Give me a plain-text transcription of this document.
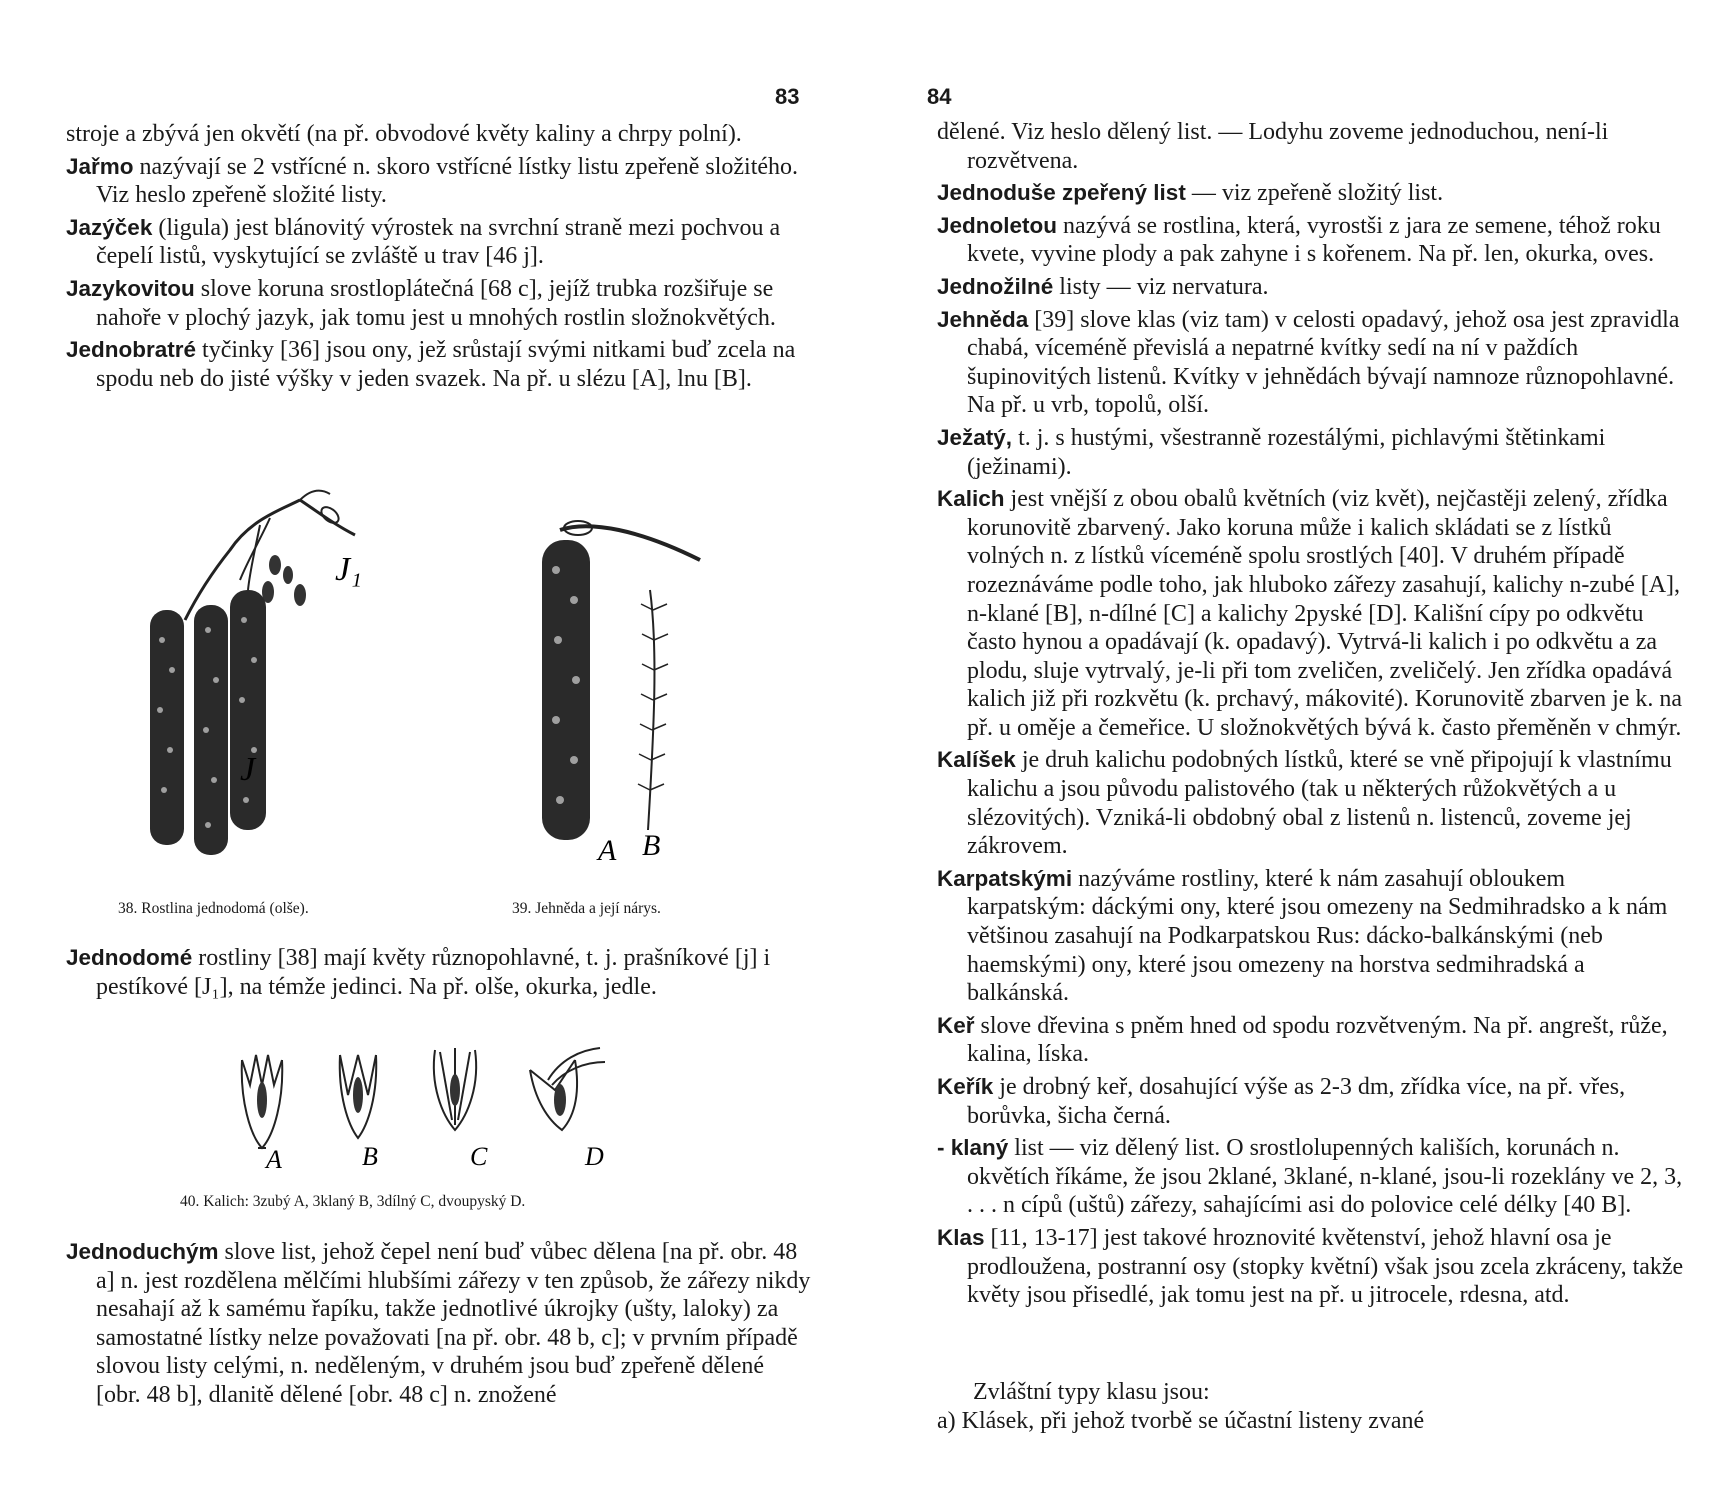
83

stroje a zbývá jen okvětí (na př. obvodové květy kaliny a chrpy polní).

Jařmo nazývají se 2 vstřícné n. skoro vstřícné lístky listu zpeřeně složitého. Viz heslo zpeřeně složité listy.

Jazýček (ligula) jest blánovitý výrostek na svrchní straně mezi pochvou a čepelí listů, vyskytující se zvláště u trav [46 j].

Jazykovitou slove koruna srostloplátečná [68 c], jejíž trubka rozšiřuje se nahoře v plochý jazyk, jak tomu jest u mnohých rostlin složnokvětých.

Jednobratré tyčinky [36] jsou ony, jež srůstají svými nitkami buď zcela na spodu neb do jisté výšky v jeden svazek. Na př. u slézu [A], lnu [B].

J
J₁
38. Rostlina jednodomá (olše).
A B
39. Jehněda a její nárys.

Jednodomé rostliny [38] mají květy různopohlavné, t. j. prašníkové [j] i pestíkové [J₁], na témže jedinci. Na př. olše, okurka, jedle.

A	B	C	D
40. Kalich: 3zubý A, 3klaný B, 3dílný C, dvoupyský D.

Jednoduchým slove list, jehož čepel není buď vůbec dělena [na př. obr. 48 a] n. jest rozdělena mělčími hlubšími zářezy v ten způsob, že zářezy nikdy nesahají až k samému řapíku, takže jednotlivé úkrojky (ušty, laloky) za samostatné lístky nelze považovati [na př. obr. 48 b, c]; v prvním případě slovou listy celými, n. neděleným, v druhém jsou buď zpeřeně dělené [obr. 48 b], dlanitě dělené [obr. 48 c] n. znožené

84

dělené. Viz heslo dělený list. — Lodyhu zoveme jednoduchou, není-li rozvětvena.

Jednoduše zpeřený list — viz zpeřeně složitý list.

Jednoletou nazývá se rostlina, která, vyrostši z jara ze semene, téhož roku kvete, vyvine plody a pak zahyne i s kořenem. Na př. len, okurka, oves.

Jednožilné listy — viz nervatura.

Jehněda [39] slove klas (viz tam) v celosti opadavý, jehož osa jest zpravidla chabá, víceméně převislá a nepatrné kvítky sedí na ní v paždích šupinovitých listenů. Kvítky v jehnědách bývají namnoze různopohlavné. Na př. u vrb, topolů, olší.

Ježatý, t. j. s hustými, všestranně rozestálými, pichlavými štětinkami (ježinami).

Kalich jest vnější z obou obalů květních (viz květ), nejčastěji zelený, zřídka korunovitě zbarvený. Jako koruna může i kalich skládati se z lístků volných n. z lístků víceméně spolu srostlých [40]. V druhém případě rozeznáváme podle toho, jak hluboko zářezy zasahují, kalichy n-zubé [A], n-klané [B], n-dílné [C] a kalichy 2pyské [D]. Kališní cípy po odkvětu často hynou a opadávají (k. opadavý). Vytrvá-li kalich i po odkvětu a za plodu, sluje vytrvalý, je-li při tom zveličen, zveličelý. Jen zřídka opadává kalich již při rozkvětu (k. prchavý, mákovité). Korunovitě zbarven je k. na př. u oměje a čemeřice. U složnokvětých bývá k. často přeměněn v chmýr.

Kalíšek je druh kalichu podobných lístků, které se vně připojují k vlastnímu kalichu a jsou původu palistového (tak u některých růžokvětých a u slézovitých). Vzniká-li obdobný obal z listenů n. listenců, zoveme jej zákrovem.

Karpatskými nazýváme rostliny, které k nám zasahují obloukem karpatským: dáckými ony, které jsou omezeny na Sedmihradsko a k nám většinou zasahují na Podkarpatskou Rus: dácko-balkánskými (neb haemskými) ony, které jsou omezeny na horstva sedmihradská a balkánská.

Keř slove dřevina s pněm hned od spodu rozvětveným. Na př. angrešt, růže, kalina, líska.

Keřík je drobný keř, dosahující výše as 2-3 dm, zřídka více, na př. vřes, borůvka, šicha černá.

- klaný list — viz dělený list. O srostlolupenných kališích, korunách n. okvětích říkáme, že jsou 2klané, 3klané, n-klané, jsou-li rozeklány ve 2, 3, . . . n cípů (uštů) zářezy, sahajícími asi do polovice celé délky [40 B].

Klas [11, 13-17] jest takové hroznovité květenství, jehož hlavní osa je prodloužena, postranní osy (stopky květní) však jsou zcela zkráceny, takže květy jsou přisedlé, jak tomu jest na př. u jitrocele, rdesna, atd.

Zvláštní typy klasu jsou:

a) Klásek, při jehož tvorbě se účastní listeny zvané
